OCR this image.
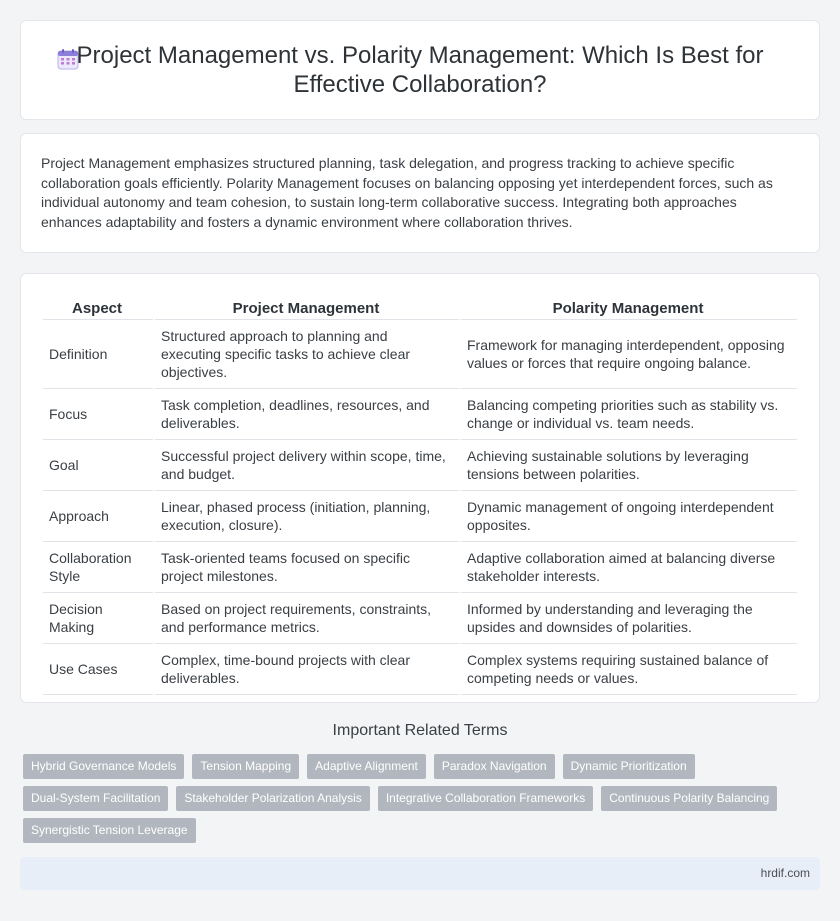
Project Management vs. Polarity Management: Which Is Best for Effective Collaboration?

Project Management emphasizes structured planning, task delegation, and progress tracking to achieve specific collaboration goals efficiently. Polarity Management focuses on balancing opposing yet interdependent forces, such as individual autonomy and team cohesion, to sustain long-term collaborative success. Integrating both approaches enhances adaptability and fosters a dynamic environment where collaboration thrives.

Aspect	Project Management	Polarity Management
Definition	Structured approach to planning and executing specific tasks to achieve clear objectives.	Framework for managing interdependent, opposing values or forces that require ongoing balance.
Focus	Task completion, deadlines, resources, and deliverables.	Balancing competing priorities such as stability vs. change or individual vs. team needs.
Goal	Successful project delivery within scope, time, and budget.	Achieving sustainable solutions by leveraging tensions between polarities.
Approach	Linear, phased process (initiation, planning, execution, closure).	Dynamic management of ongoing interdependent opposites.
Collaboration Style	Task-oriented teams focused on specific project milestones.	Adaptive collaboration aimed at balancing diverse stakeholder interests.
Decision Making	Based on project requirements, constraints, and performance metrics.	Informed by understanding and leveraging the upsides and downsides of polarities.
Use Cases	Complex, time-bound projects with clear deliverables.	Complex systems requiring sustained balance of competing needs or values.
Important Related Terms
Hybrid Governance Models	Tension Mapping	Adaptive Alignment	Paradox Navigation	Dynamic Prioritization
Dual-System Facilitation	Stakeholder Polarization Analysis	Integrative Collaboration Frameworks	Continuous Polarity Balancing
Synergistic Tension Leverage
hrdif.com
